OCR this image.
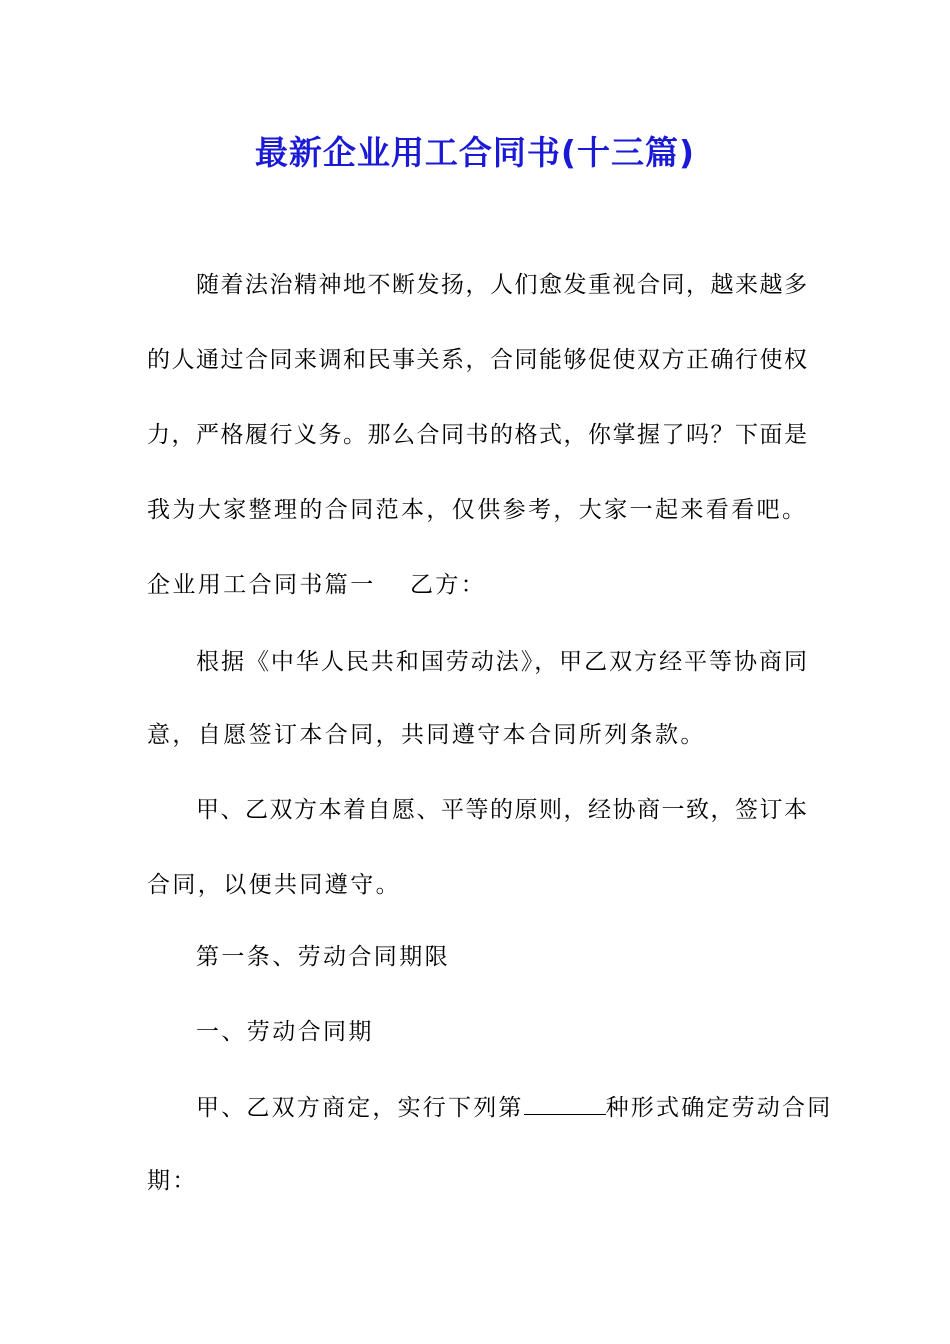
最新企业用工合同书(十三篇)
随着法治精神地不断发扬，人们愈发重视合同，越来越多
的人通过合同来调和民事关系，合同能够促使双方正确行使权
力，严格履行义务。那么合同书的格式，你掌握了吗？下面是
我为大家整理的合同范本，仅供参考，大家一起来看看吧。
企业用工合同书篇一	乙方：
根据《中华人民共和国劳动法》，甲乙双方经平等协商同
意，自愿签订本合同，共同遵守本合同所列条款。
甲、乙双方本着自愿、平等的原则，经协商一致，签订本
合同，以便共同遵守。
第一条、劳动合同期限
一、劳动合同期
甲、乙双方商定，实行下列第	种形式确定劳动合同
期：
